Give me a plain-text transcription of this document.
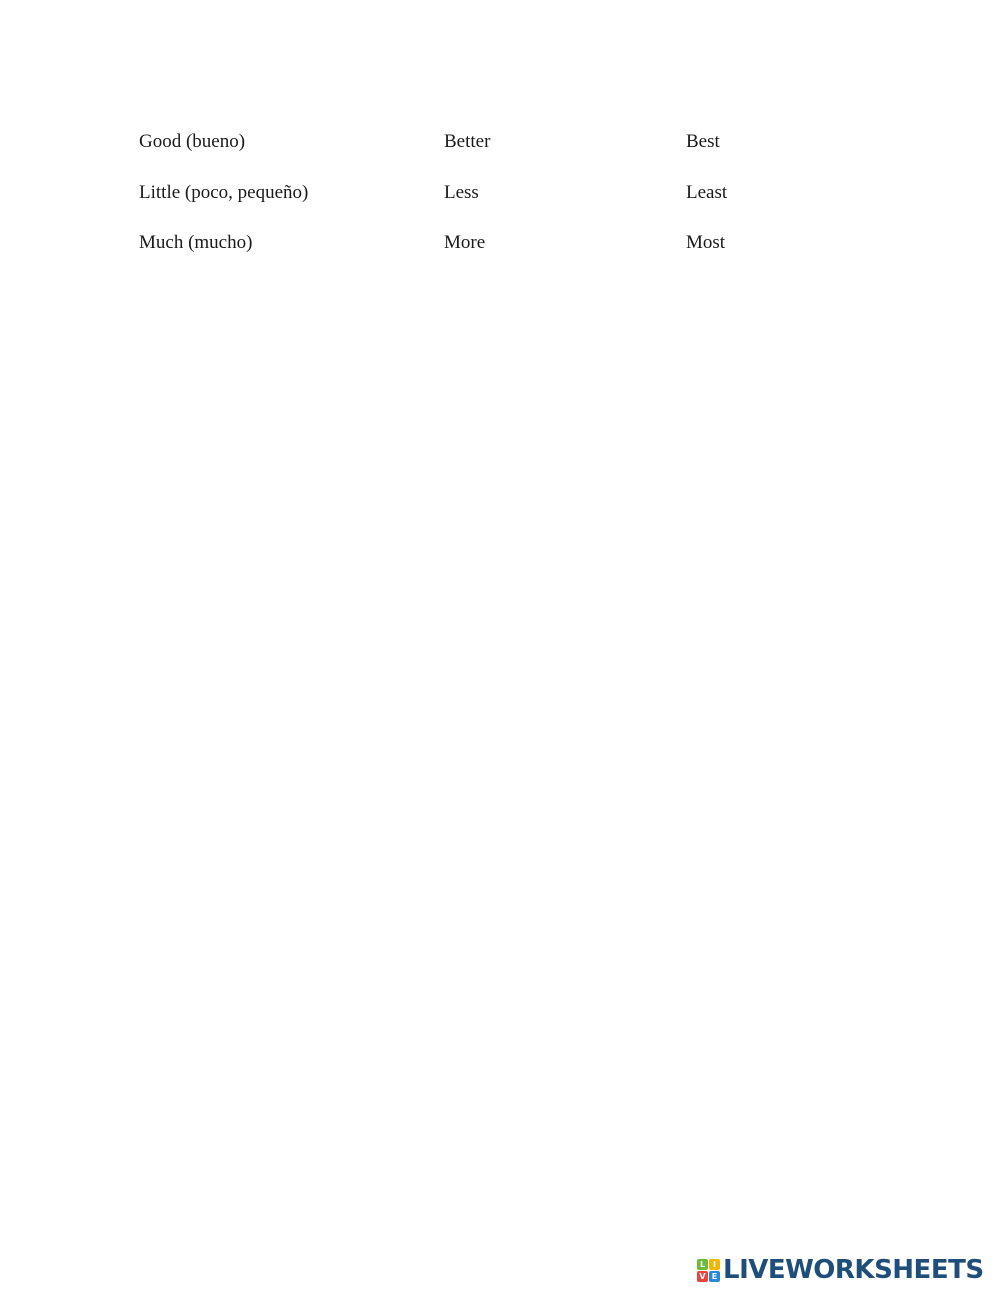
Good (bueno)	Better	Best
Little (poco, pequeño)	Less	Least
Much (mucho)	More	Most
L I
V E LIVEWORKSHEETS
